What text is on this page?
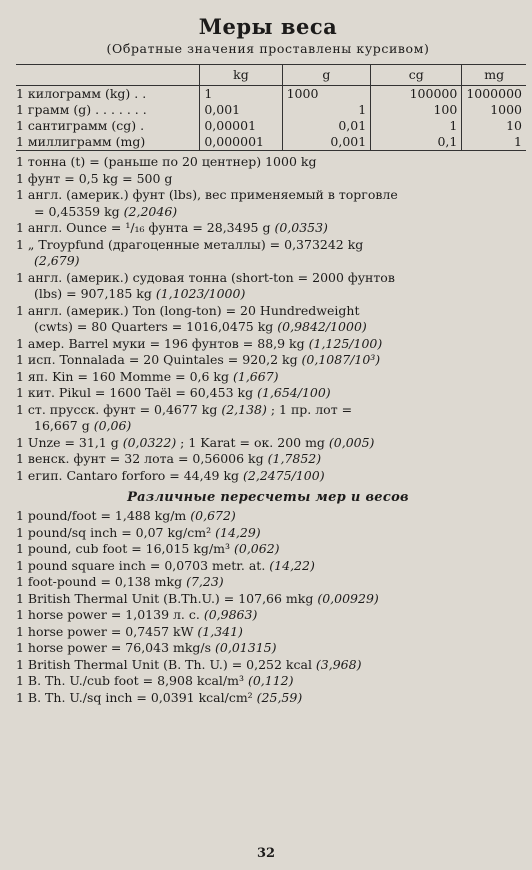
Меры веса
(Обратные значения проставлены курсивом)
	kg	g	cg	mg
1 килограмм (kg) . .	1	1000	100000	1000000
1 грамм (g) . . . . . . .	0,001	1	100	1000
1 сантиграмм (cg) .	0,00001	0,01	1	10
1 миллиграмм (mg)	0,000001	0,001	0,1	1
1 тонна (t) = (раньше по 20 центнер) 1000 kg
1 фунт = 0,5 kg = 500 g
1 англ. (америк.) фунт (lbs), вес применяемый в торговле
= 0,45359 kg (2,2046)
1 англ. Ounce = ¹/₁₆ фунта = 28,3495 g (0,0353)
1 „ Troypfund (драгоценные металлы) = 0,373242 kg
(2,679)
1 англ. (америк.) судовая тонна (short-ton = 2000 фунтов
(lbs) = 907,185 kg (1,1023/1000)
1 англ. (америк.) Ton (long-ton) = 20 Hundredweight
(cwts) = 80 Quarters = 1016,0475 kg (0,9842/1000)
1 амер. Barrel муки = 196 фунтов = 88,9 kg (1,125/100)
1 исп. Tonnalada = 20 Quintales = 920,2 kg (0,1087/10³)
1 яп. Kin = 160 Momme = 0,6 kg (1,667)
1 кит. Pikul = 1600 Taël = 60,453 kg (1,654/100)
1 ст. прусск. фунт = 0,4677 kg (2,138) ; 1 пр. лот =
16,667 g (0,06)
1 Unze = 31,1 g (0,0322) ; 1 Karat = ок. 200 mg (0,005)
1 венск. фунт = 32 лота = 0,56006 kg (1,7852)
1 егип. Cantaro forforo = 44,49 kg (2,2475/100)
Различные пересчеты мер и весов
1 pound/foot = 1,488 kg/m (0,672)
1 pound/sq inch = 0,07 kg/cm² (14,29)
1 pound, cub foot = 16,015 kg/m³ (0,062)
1 pound square inch = 0,0703 metr. at. (14,22)
1 foot-pound = 0,138 mkg (7,23)
1 British Thermal Unit (B.Th.U.) = 107,66 mkg (0,00929)
1 horse power = 1,0139 л. с. (0,9863)
1 horse power = 0,7457 kW (1,341)
1 horse power = 76,043 mkg/s (0,01315)
1 British Thermal Unit (B. Th. U.) = 0,252 kcal (3,968)
1 B. Th. U./cub foot = 8,908 kcal/m³ (0,112)
1 B. Th. U./sq inch = 0,0391 kcal/cm² (25,59)
32
